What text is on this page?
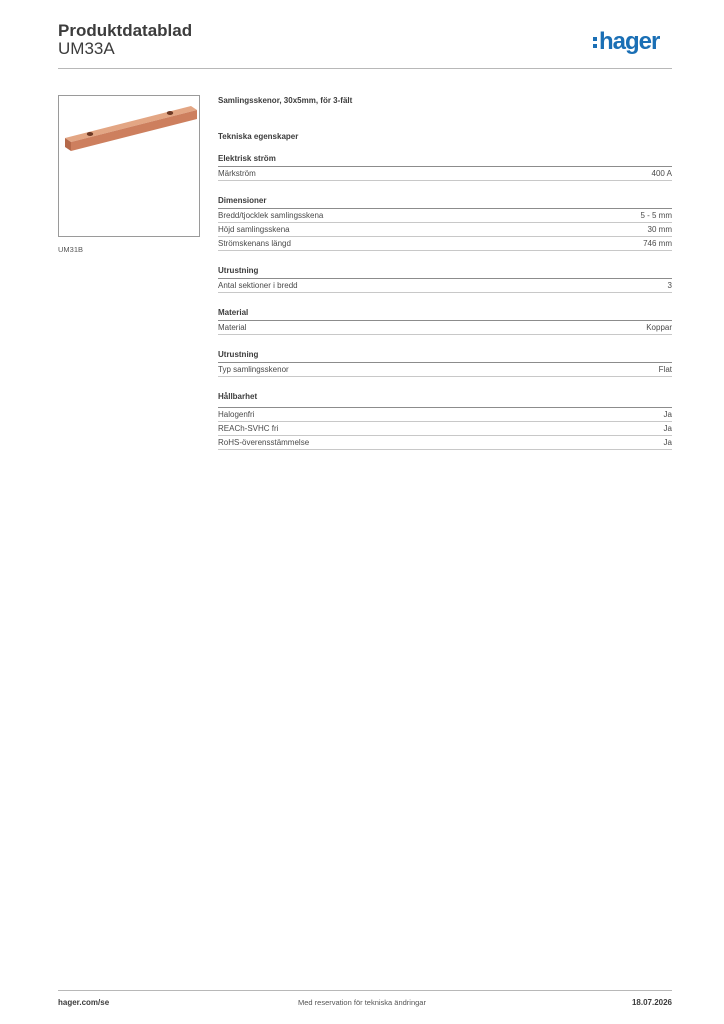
Produktdatablad
UM33A	hager
UM31B
Samlingsskenor, 30x5mm, för 3-fält
Tekniska egenskaper
Elektrisk ström
Märkström	400 A
Dimensioner
Bredd/tjocklek samlingsskena	5 - 5 mm
Höjd samlingsskena	30 mm
Strömskenans längd	746 mm
Utrustning
Antal sektioner i bredd	3
Material
Material	Koppar
Utrustning
Typ samlingsskenor	Flat
Hållbarhet
Halogenfri	Ja
REACh-SVHC fri	Ja
RoHS-överensstämmelse	Ja
hager.com/se	Med reservation för tekniska ändringar	18.07.2026
